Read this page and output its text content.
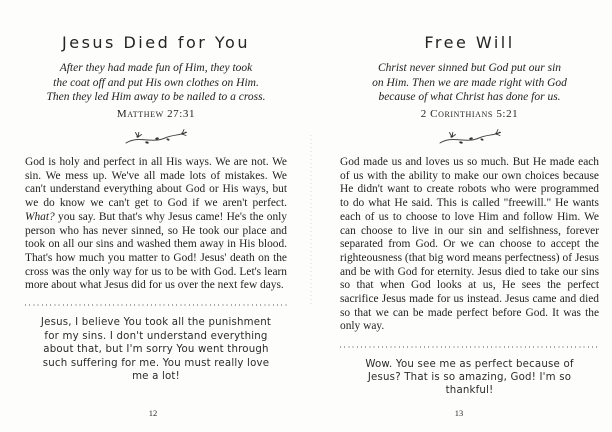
Jesus Died for You
After they had made fun of Him, they took
the coat off and put His own clothes on Him.
Then they led Him away to be nailed to a cross.
Matthew 27:31

God is holy and perfect in all His ways. We are not. We sin. We mess up. We've all made lots of mistakes. We can't understand everything about God or His ways, but we do know we can't get to God if we aren't perfect. What? you say. But that's why Jesus came! He's the only person who has never sinned, so He took our place and took on all our sins and washed them away in His blood. That's how much you matter to God! Jesus' death on the cross was the only way for us to be with God. Let's learn more about what Jesus did for us over the next few days.

Jesus, I believe You took all the punishment for my sins. I don't understand everything about that, but I'm sorry You went through such suffering for me. You must really love me a lot!
12
Free Will
Christ never sinned but God put our sin
on Him. Then we are made right with God
because of what Christ has done for us.
2 Corinthians 5:21

God made us and loves us so much. But He made each of us with the ability to make our own choices because He didn't want to create robots who were programmed to do what He said. This is called "freewill." He wants each of us to choose to love Him and follow Him. We can choose to live in our sin and selfishness, forever separated from God. Or we can choose to accept the righteousness (that big word means perfectness) of Jesus and be with God for eternity. Jesus died to take our sins so that when God looks at us, He sees the perfect sacrifice Jesus made for us instead. Jesus came and died so that we can be made perfect before God. It was the only way.

Wow. You see me as perfect because of Jesus? That is so amazing, God! I'm so thankful!
13
